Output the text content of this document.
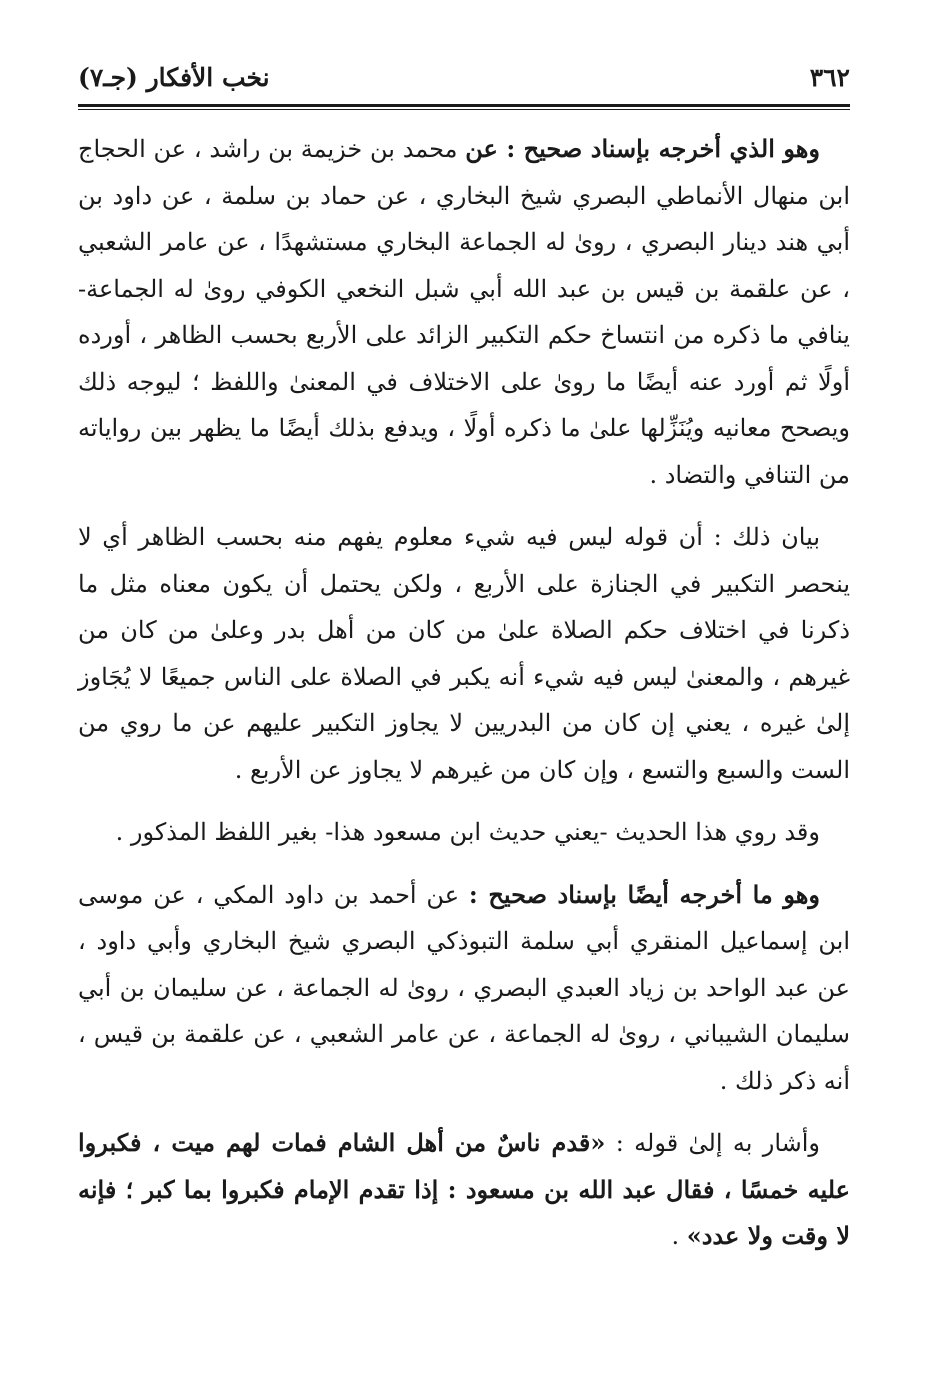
٣٦٢
نخب الأفكار (جـ٧)

وهو الذي أخرجه بإسناد صحيح : عن محمد بن خزيمة بن راشد ، عن الحجاج ابن منهال الأنماطي البصري شيخ البخاري ، عن حماد بن سلمة ، عن داود بن أبي هند دينار البصري ، روىٰ له الجماعة البخاري مستشهدًا ، عن عامر الشعبي ، عن علقمة بن قيس بن عبد الله أبي شبل النخعي الكوفي روىٰ له الجماعة- ينافي ما ذكره من انتساخ حكم التكبير الزائد على الأربع بحسب الظاهر ، أورده أولًا ثم أورد عنه أيضًا ما روىٰ على الاختلاف في المعنىٰ واللفظ ؛ ليوجه ذلك ويصحح معانيه ويُنَزِّلها علىٰ ما ذكره أولًا ، ويدفع بذلك أيضًا ما يظهر بين رواياته من التنافي والتضاد .

بيان ذلك : أن قوله ليس فيه شيء معلوم يفهم منه بحسب الظاهر أي لا ينحصر التكبير في الجنازة على الأربع ، ولكن يحتمل أن يكون معناه مثل ما ذكرنا في اختلاف حكم الصلاة علىٰ من كان من أهل بدر وعلىٰ من كان من غيرهم ، والمعنىٰ ليس فيه شيء أنه يكبر في الصلاة على الناس جميعًا لا يُجَاوز إلىٰ غيره ، يعني إن كان من البدريين لا يجاوز التكبير عليهم عن ما روي من الست والسبع والتسع ، وإن كان من غيرهم لا يجاوز عن الأربع .

وقد روي هذا الحديث -يعني حديث ابن مسعود هذا- بغير اللفظ المذكور .

وهو ما أخرجه أيضًا بإسناد صحيح : عن أحمد بن داود المكي ، عن موسى ابن إسماعيل المنقري أبي سلمة التبوذكي البصري شيخ البخاري وأبي داود ، عن عبد الواحد بن زياد العبدي البصري ، روىٰ له الجماعة ، عن سليمان بن أبي سليمان الشيباني ، روىٰ له الجماعة ، عن عامر الشعبي ، عن علقمة بن قيس ، أنه ذكر ذلك .

وأشار به إلىٰ قوله : «قدم ناسٌ من أهل الشام فمات لهم ميت ، فكبروا عليه خمسًا ، فقال عبد الله بن مسعود : إذا تقدم الإمام فكبروا بما كبر ؛ فإنه لا وقت ولا عدد» .
